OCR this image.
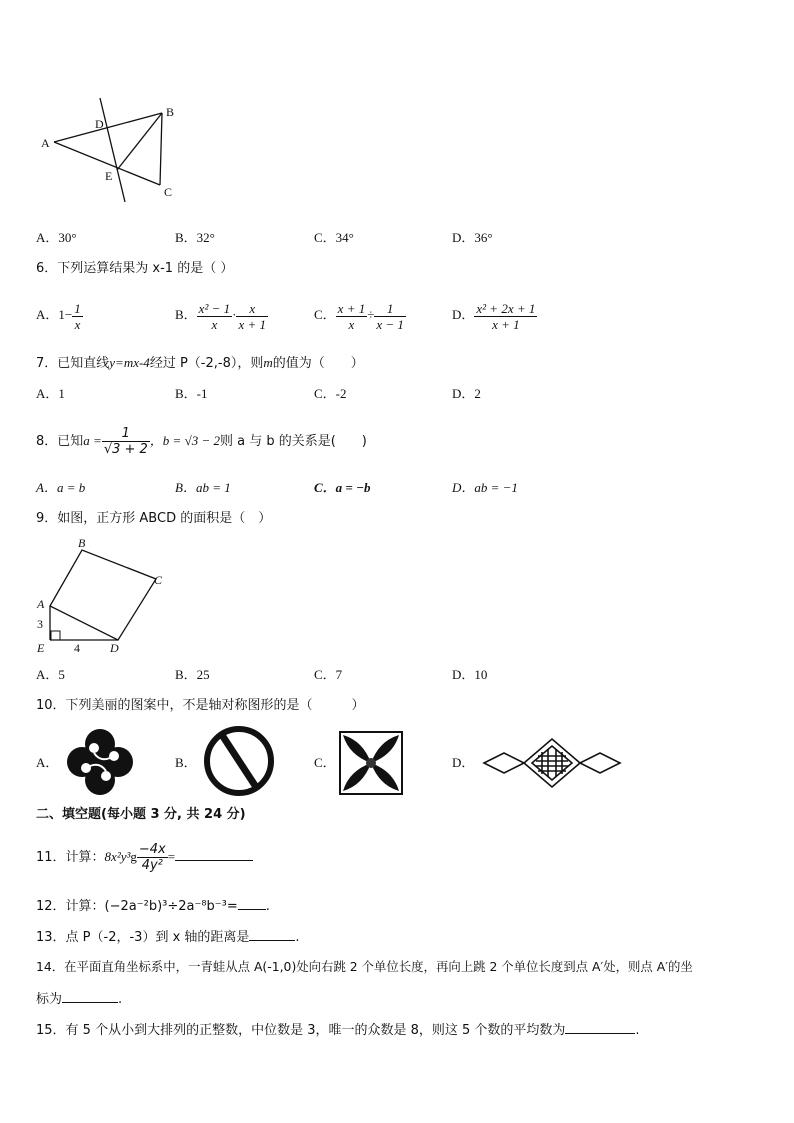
A
B
C
D
E
A．30°	B．32°	C．34°	D．36°
6．下列运算结果为 x-1 的是（ ）
A．$1- \frac{1}{x}$	B． $\frac{\text{x² − 1}}{x} \cdot \frac{x}{x + 1}$	C． $\frac{x + 1}{x} \div \frac{1}{x - 1}$	D． $\frac{\text{x² + 2x + 1}}{x + 1}$
7．已知直线y=mx-4经过 P（-2,-8），则m的值为（　　）
A．1	B．-1	C．-2	D．2
8．已知$a = \frac{1}{√3 + 2}$ ，b = √3 − 2则 a 与 b 的关系是(　　)
A．a = b	B．ab = 1	C．a = −b	D．ab = −1
9．如图，正方形 ABCD 的面积是（　）
B
C
A
3
E 4	D
A．5	B．25	C．7	D．10
10．下列美丽的图案中，不是轴对称图形的是（　　　）
A．	B．	C．	D．
二、填空题(每小题 3 分, 共 24 分)
11．计算：$8x^2y^3g \frac{-4x}{\text{4y²}}$ =
12．计算：(−2a⁻²b)³÷2a⁻⁸b⁻³= .
13．点 P（-2，-3）到 x 轴的距离是	.
14．在平面直角坐标系中，一青蛙从点 A(-1,0)处向右跳 2 个单位长度，再向上跳 2 个单位长度到点 A′处，则点 A′的坐
标为	.
15．有 5 个从小到大排列的正整数，中位数是 3，唯一的众数是 8，则这 5 个数的平均数为	.
